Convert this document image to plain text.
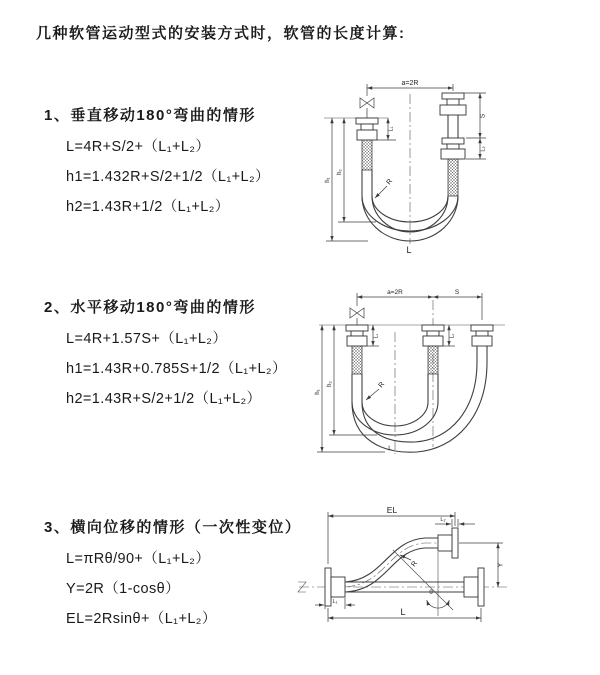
几种软管运动型式的安装方式时，软管的长度计算:
1、垂直移动180°弯曲的情形
L=4R+S/2+（L₁+L₂）
h1=1.432R+S/2+1/2（L₁+L₂）
h2=1.43R+1/2（L₁+L₂）
2、水平移动180°弯曲的情形
L=4R+1.57S+（L₁+L₂）
h1=1.43R+0.785S+1/2（L₁+L₂）
h2=1.43R+S/2+1/2（L₁+L₂）
3、横向位移的情形（一次性变位）
L=πRθ/90+（L₁+L₂）
Y=2R（1-cosθ）
EL=2Rsinθ+（L₁+L₂）
a=2R
h₁
h₂
L₁
S
L₂
R
L
a=2R	S
h₁
h₂
L₁	L₂
R
L
EL
L₂
Y
L
L₁
θ
R
